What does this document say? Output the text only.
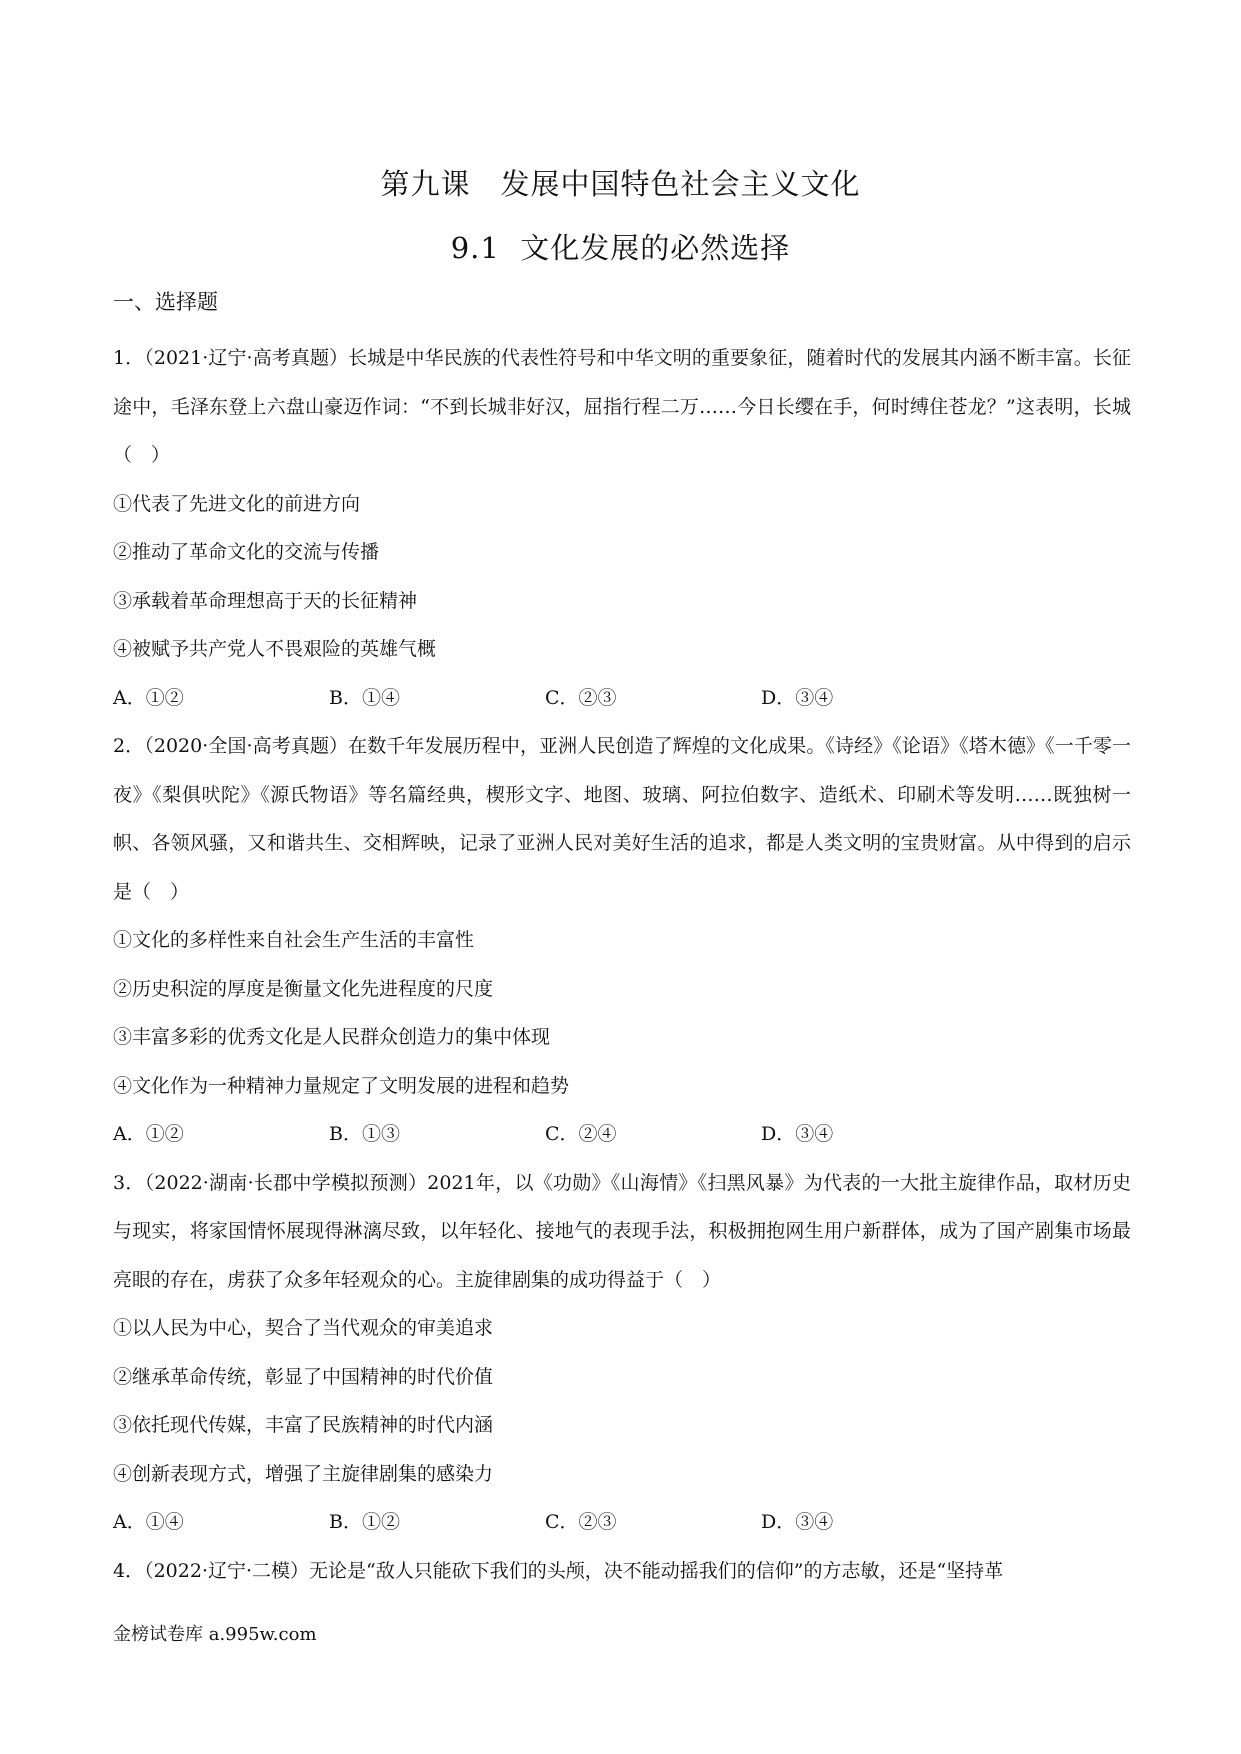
第九课　发展中国特色社会主义文化
9.1  文化发展的必然选择
一、选择题
1．（2021·辽宁·高考真题）长城是中华民族的代表性符号和中华文明的重要象征，随着时代的发展其内涵不断丰富。长征途中，毛泽东登上六盘山豪迈作词：“不到长城非好汉，屈指行程二万……今日长缨在手，何时缚住苍龙？”这表明，长城（　）
①代表了先进文化的前进方向
②推动了革命文化的交流与传播
③承载着革命理想高于天的长征精神
④被赋予共产党人不畏艰险的英雄气概
A．①②	B．①④	C．②③	D．③④
2．（2020·全国·高考真题）在数千年发展历程中，亚洲人民创造了辉煌的文化成果。《诗经》《论语》《塔木德》《一千零一夜》《梨俱吠陀》《源氏物语》等名篇经典，楔形文字、地图、玻璃、阿拉伯数字、造纸术、印刷术等发明……既独树一帜、各领风骚，又和谐共生、交相辉映，记录了亚洲人民对美好生活的追求，都是人类文明的宝贵财富。从中得到的启示是（　）
①文化的多样性来自社会生产生活的丰富性
②历史积淀的厚度是衡量文化先进程度的尺度
③丰富多彩的优秀文化是人民群众创造力的集中体现
④文化作为一种精神力量规定了文明发展的进程和趋势
A．①②	B．①③	C．②④	D．③④
3．（2022·湖南·长郡中学模拟预测）2021年，以《功勋》《山海情》《扫黑风暴》为代表的一大批主旋律作品，取材历史与现实，将家国情怀展现得淋漓尽致，以年轻化、接地气的表现手法，积极拥抱网生用户新群体，成为了国产剧集市场最亮眼的存在，虏获了众多年轻观众的心。主旋律剧集的成功得益于（　）
①以人民为中心，契合了当代观众的审美追求
②继承革命传统，彰显了中国精神的时代价值
③依托现代传媒，丰富了民族精神的时代内涵
④创新表现方式，增强了主旋律剧集的感染力
A．①④	B．①②	C．②③	D．③④
4．（2022·辽宁·二模）无论是“敌人只能砍下我们的头颅，决不能动摇我们的信仰”的方志敏，还是“坚持革
金榜试卷库 a.995w.com
